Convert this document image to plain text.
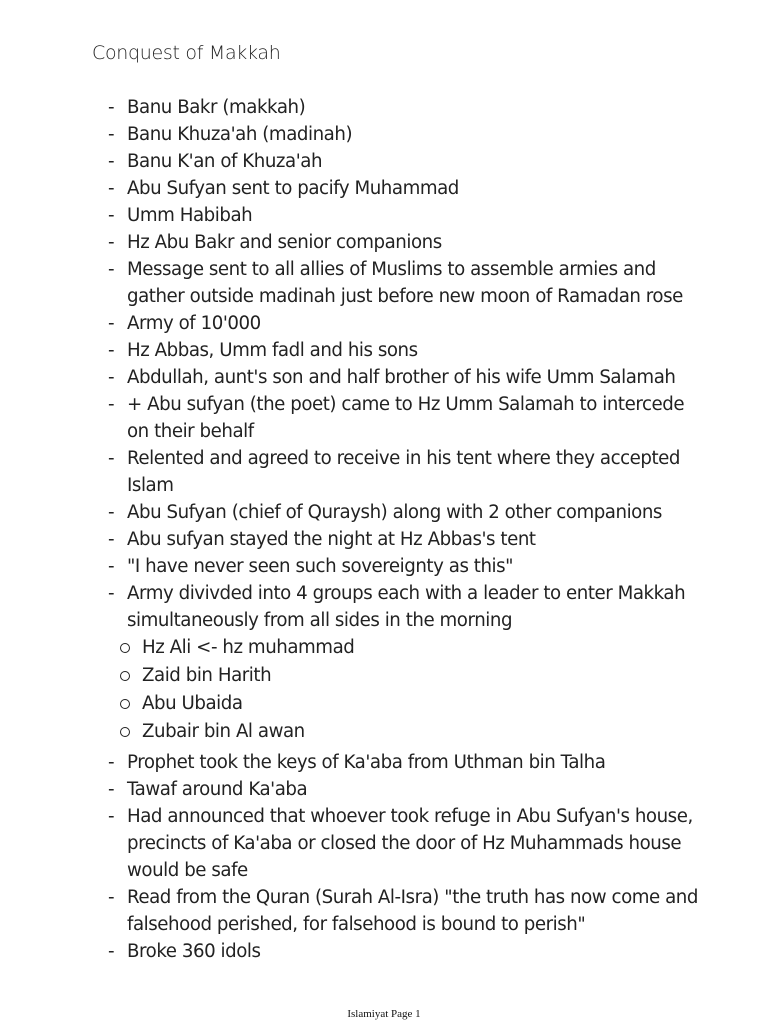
Conquest of Makkah
- Banu Bakr (makkah)
- Banu Khuza'ah (madinah)
- Banu K'an of Khuza'ah
- Abu Sufyan sent to pacify Muhammad
- Umm Habibah
- Hz Abu Bakr and senior companions
- Message sent to all allies of Muslims to assemble armies and gather outside madinah just before new moon of Ramadan rose
- Army of 10'000
- Hz Abbas, Umm fadl and his sons
- Abdullah, aunt's son and half brother of his wife Umm Salamah
- + Abu sufyan (the poet) came to Hz Umm Salamah to intercede on their behalf
- Relented and agreed to receive in his tent where they accepted Islam
- Abu Sufyan (chief of Quraysh) along with 2 other companions
- Abu sufyan stayed the night at Hz Abbas's tent
- "I have never seen such sovereignty as this"
- Army divivded into 4 groups each with a leader to enter Makkah simultaneously from all sides in the morning
Hz Ali <- hz muhammad
Zaid bin Harith
Abu Ubaida
Zubair bin Al awan
- Prophet took the keys of Ka'aba from Uthman bin Talha
- Tawaf around Ka'aba
- Had announced that whoever took refuge in Abu Sufyan's house, precincts of Ka'aba or closed the door of Hz Muhammads house would be safe
- Read from the Quran (Surah Al-Isra) "the truth has now come and falsehood perished, for falsehood is bound to perish"
- Broke 360 idols
Islamiyat Page 1
